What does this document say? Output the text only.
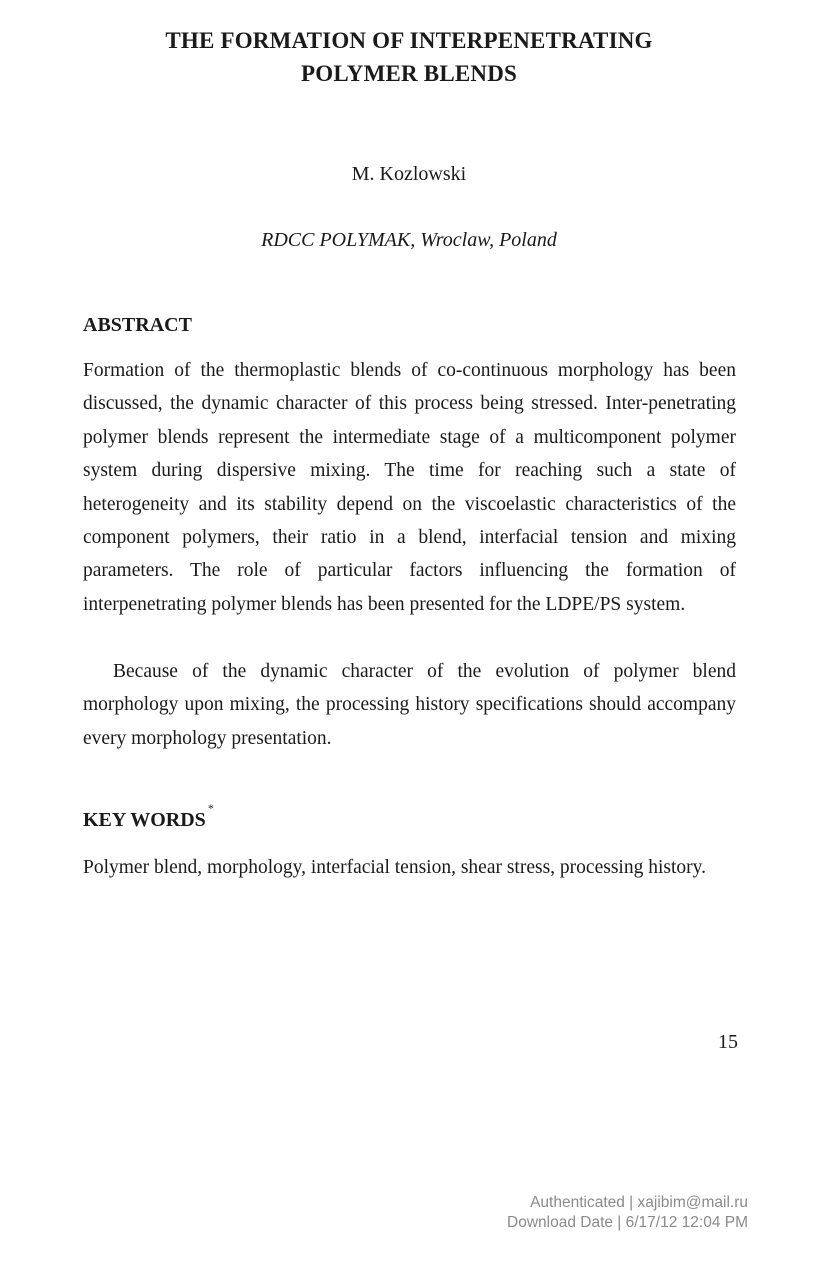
THE FORMATION OF INTERPENETRATING
POLYMER BLENDS
M. Kozlowski
RDCC POLYMAK, Wroclaw, Poland
ABSTRACT

Formation of the thermoplastic blends of co-continuous morphology has been discussed, the dynamic character of this process being stressed. Inter-penetrating polymer blends represent the intermediate stage of a multicomponent polymer system during dispersive mixing. The time for reaching such a state of heterogeneity and its stability depend on the viscoelastic characteristics of the component polymers, their ratio in a blend, interfacial tension and mixing parameters. The role of particular factors influencing the formation of interpenetrating polymer blends has been presented for the LDPE/PS system.

Because of the dynamic character of the evolution of polymer blend morphology upon mixing, the processing history specifications should accompany every morphology presentation.

KEY WORDS*

Polymer blend, morphology, interfacial tension, shear stress, processing history.

15
Authenticated | xajibim@mail.ru
Download Date | 6/17/12 12:04 PM
